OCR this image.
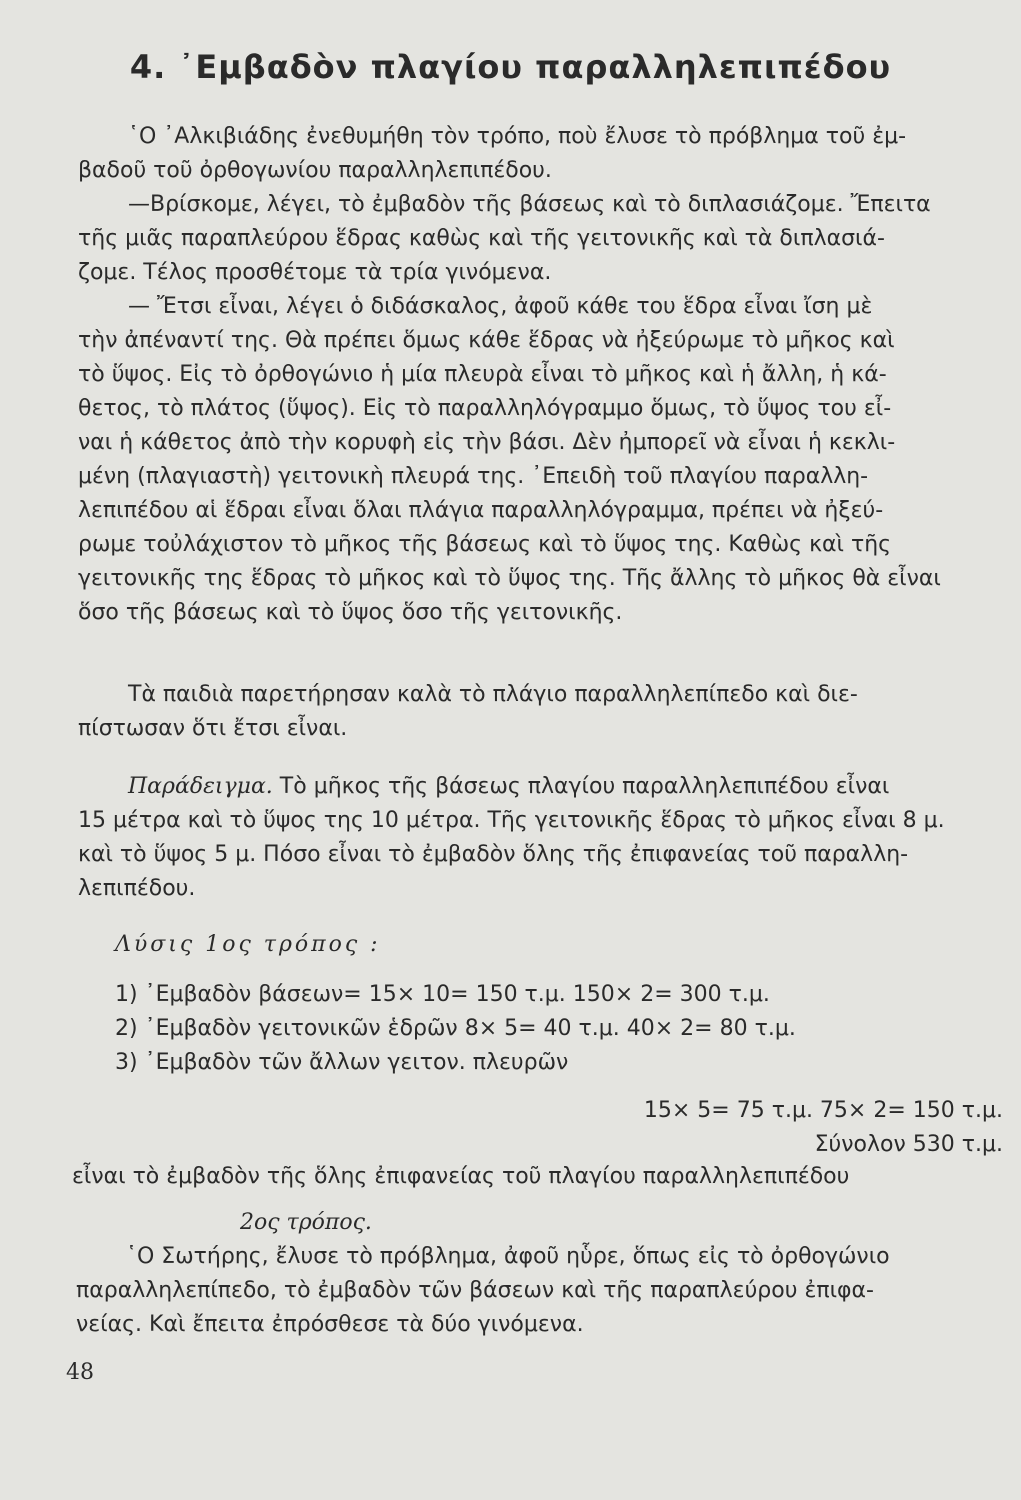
4. ᾿Εμβαδὸν πλαγίου παραλληλεπιπέδου

῾Ο ᾿Αλκιβιάδης ἐνεθυμήθη τὸν τρόπο, ποὺ ἔλυσε τὸ πρόβλημα τοῦ ἐμ-
βαδοῦ τοῦ ὀρθογωνίου παραλληλεπιπέδου.
—Βρίσκομε, λέγει, τὸ ἐμβαδὸν τῆς βάσεως καὶ τὸ διπλασιάζομε. Ἔπειτα
τῆς μιᾶς παραπλεύρου ἕδρας καθὼς καὶ τῆς γειτονικῆς καὶ τὰ διπλασιά-
ζομε. Τέλος προσθέτομε τὰ τρία γινόμενα.
— Ἔτσι εἶναι, λέγει ὁ διδάσκαλος, ἀφοῦ κάθε του ἕδρα εἶναι ἴση μὲ
τὴν ἀπέναντί της. Θὰ πρέπει ὅμως κάθε ἕδρας νὰ ἠξεύρωμε τὸ μῆκος καὶ
τὸ ὕψος. Εἰς τὸ ὀρθογώνιο ἡ μία πλευρὰ εἶναι τὸ μῆκος καὶ ἡ ἄλλη, ἡ κά-
θετος, τὸ πλάτος (ὕψος). Εἰς τὸ παραλληλόγραμμο ὅμως, τὸ ὕψος του εἶ-
ναι ἡ κάθετος ἀπὸ τὴν κορυφὴ εἰς τὴν βάσι. Δὲν ἠμπορεῖ νὰ εἶναι ἡ κεκλι-
μένη (πλαγιαστὴ) γειτονικὴ πλευρά της. ᾿Επειδὴ τοῦ πλαγίου παραλλη-
λεπιπέδου αἱ ἕδραι εἶναι ὅλαι πλάγια παραλληλόγραμμα, πρέπει νὰ ἠξεύ-
ρωμε τοὐλάχιστον τὸ μῆκος τῆς βάσεως καὶ τὸ ὕψος της. Καθὼς καὶ τῆς
γειτονικῆς της ἕδρας τὸ μῆκος καὶ τὸ ὕψος της. Τῆς ἄλλης τὸ μῆκος θὰ εἶναι
ὅσο τῆς βάσεως καὶ τὸ ὕψος ὅσο τῆς γειτονικῆς.

Τὰ παιδιὰ παρετήρησαν καλὰ τὸ πλάγιο παραλληλεπίπεδο καὶ διε-
πίστωσαν ὅτι ἔτσι εἶναι.

Παράδειγμα. Τὸ μῆκος τῆς βάσεως πλαγίου παραλληλεπιπέδου εἶναι
15 μέτρα καὶ τὸ ὕψος της 10 μέτρα. Τῆς γειτονικῆς ἕδρας τὸ μῆκος εἶναι 8 μ.
καὶ τὸ ὕψος 5 μ. Πόσο εἶναι τὸ ἐμβαδὸν ὅλης τῆς ἐπιφανείας τοῦ παραλλη-
λεπιπέδου.

Λύσις 1ος τρόπος :
1) ᾿Εμβαδὸν βάσεων= 15× 10= 150 τ.μ. 150× 2= 300 τ.μ.
2) ᾿Εμβαδὸν γειτονικῶν ἑδρῶν 8× 5= 40 τ.μ. 40× 2= 80 τ.μ.
3) ᾿Εμβαδὸν τῶν ἄλλων γειτον. πλευρῶν
15× 5= 75 τ.μ. 75× 2= 150 τ.μ.
Σύνολον 530 τ.μ.
εἶναι τὸ ἐμβαδὸν τῆς ὅλης ἐπιφανείας τοῦ πλαγίου παραλληλεπιπέδου
2ος τρόπος.

῾Ο Σωτήρης, ἔλυσε τὸ πρόβλημα, ἀφοῦ ηὗρε, ὅπως εἰς τὸ ὀρθογώνιο
παραλληλεπίπεδο, τὸ ἐμβαδὸν τῶν βάσεων καὶ τῆς παραπλεύρου ἐπιφα-
νείας. Καὶ ἔπειτα ἐπρόσθεσε τὰ δύο γινόμενα.

48
